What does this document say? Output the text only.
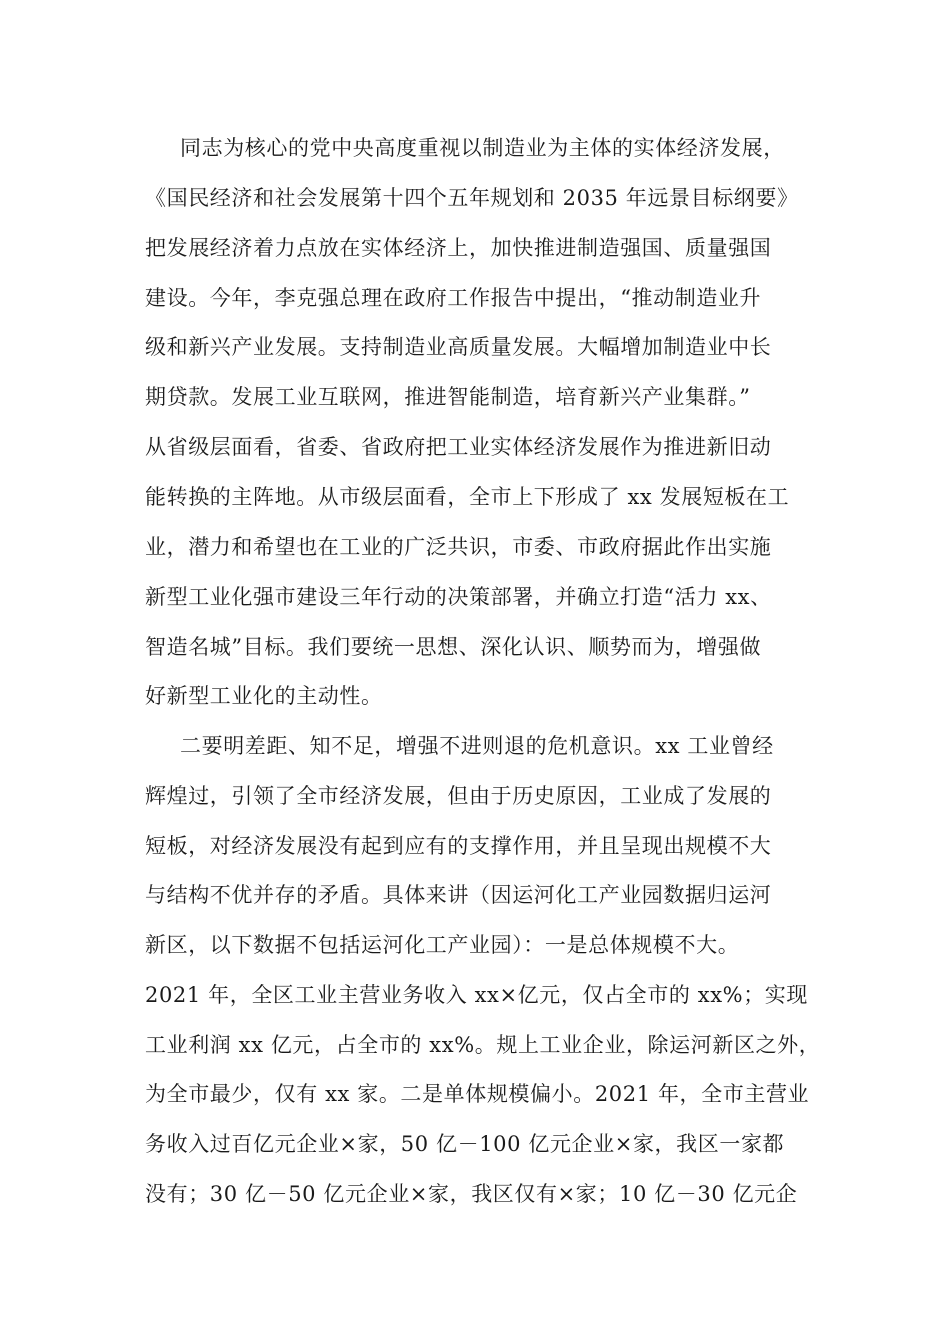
同志为核心的党中央高度重视以制造业为主体的实体经济发展，
《国民经济和社会发展第十四个五年规划和 2035 年远景目标纲要》
把发展经济着力点放在实体经济上，加快推进制造强国、质量强国
建设。今年，李克强总理在政府工作报告中提出，“推动制造业升
级和新兴产业发展。支持制造业高质量发展。大幅增加制造业中长
期贷款。发展工业互联网，推进智能制造，培育新兴产业集群。”
从省级层面看，省委、省政府把工业实体经济发展作为推进新旧动
能转换的主阵地。从市级层面看，全市上下形成了 xx 发展短板在工
业，潜力和希望也在工业的广泛共识，市委、市政府据此作出实施
新型工业化强市建设三年行动的决策部署，并确立打造“活力 xx、
智造名城”目标。我们要统一思想、深化认识、顺势而为，增强做
好新型工业化的主动性。
二要明差距、知不足，增强不进则退的危机意识。xx 工业曾经
辉煌过，引领了全市经济发展，但由于历史原因，工业成了发展的
短板，对经济发展没有起到应有的支撑作用，并且呈现出规模不大
与结构不优并存的矛盾。具体来讲（因运河化工产业园数据归运河
新区，以下数据不包括运河化工产业园）：一是总体规模不大。
2021 年，全区工业主营业务收入 xx×亿元，仅占全市的 xx%；实现
工业利润 xx 亿元，占全市的 xx%。规上工业企业，除运河新区之外，
为全市最少，仅有 xx 家。二是单体规模偏小。2021 年，全市主营业
务收入过百亿元企业×家，50 亿－100 亿元企业×家，我区一家都
没有；30 亿－50 亿元企业×家，我区仅有×家；10 亿－30 亿元企
